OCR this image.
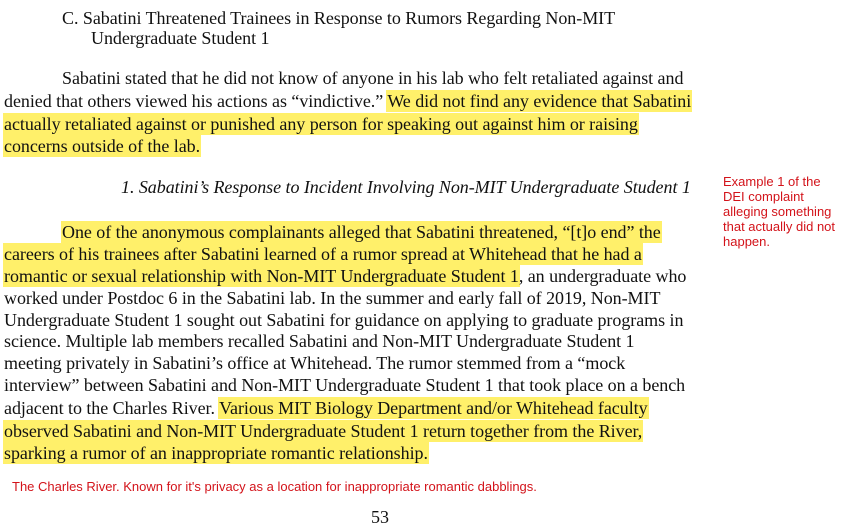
C. Sabatini Threatened Trainees in Response to Rumors Regarding Non-MIT
Undergraduate Student 1
Sabatini stated that he did not know of anyone in his lab who felt retaliated against and
denied that others viewed his actions as “vindictive.” We did not find any evidence that Sabatini
actually retaliated against or punished any person for speaking out against him or raising
concerns outside of the lab.
1. Sabatini’s Response to Incident Involving Non-MIT Undergraduate Student 1
One of the anonymous complainants alleged that Sabatini threatened, “[t]o end” the
careers of his trainees after Sabatini learned of a rumor spread at Whitehead that he had a
romantic or sexual relationship with Non-MIT Undergraduate Student 1, an undergraduate who
worked under Postdoc 6 in the Sabatini lab. In the summer and early fall of 2019, Non-MIT
Undergraduate Student 1 sought out Sabatini for guidance on applying to graduate programs in
science. Multiple lab members recalled Sabatini and Non-MIT Undergraduate Student 1
meeting privately in Sabatini’s office at Whitehead. The rumor stemmed from a “mock
interview” between Sabatini and Non-MIT Undergraduate Student 1 that took place on a bench
adjacent to the Charles River. Various MIT Biology Department and/or Whitehead faculty
observed Sabatini and Non-MIT Undergraduate Student 1 return together from the River,
sparking a rumor of an inappropriate romantic relationship.
Example 1 of the
DEI complaint
alleging something
that actually did not
happen.
The Charles River. Known for it's privacy as a location for inappropriate romantic dabblings.
53
